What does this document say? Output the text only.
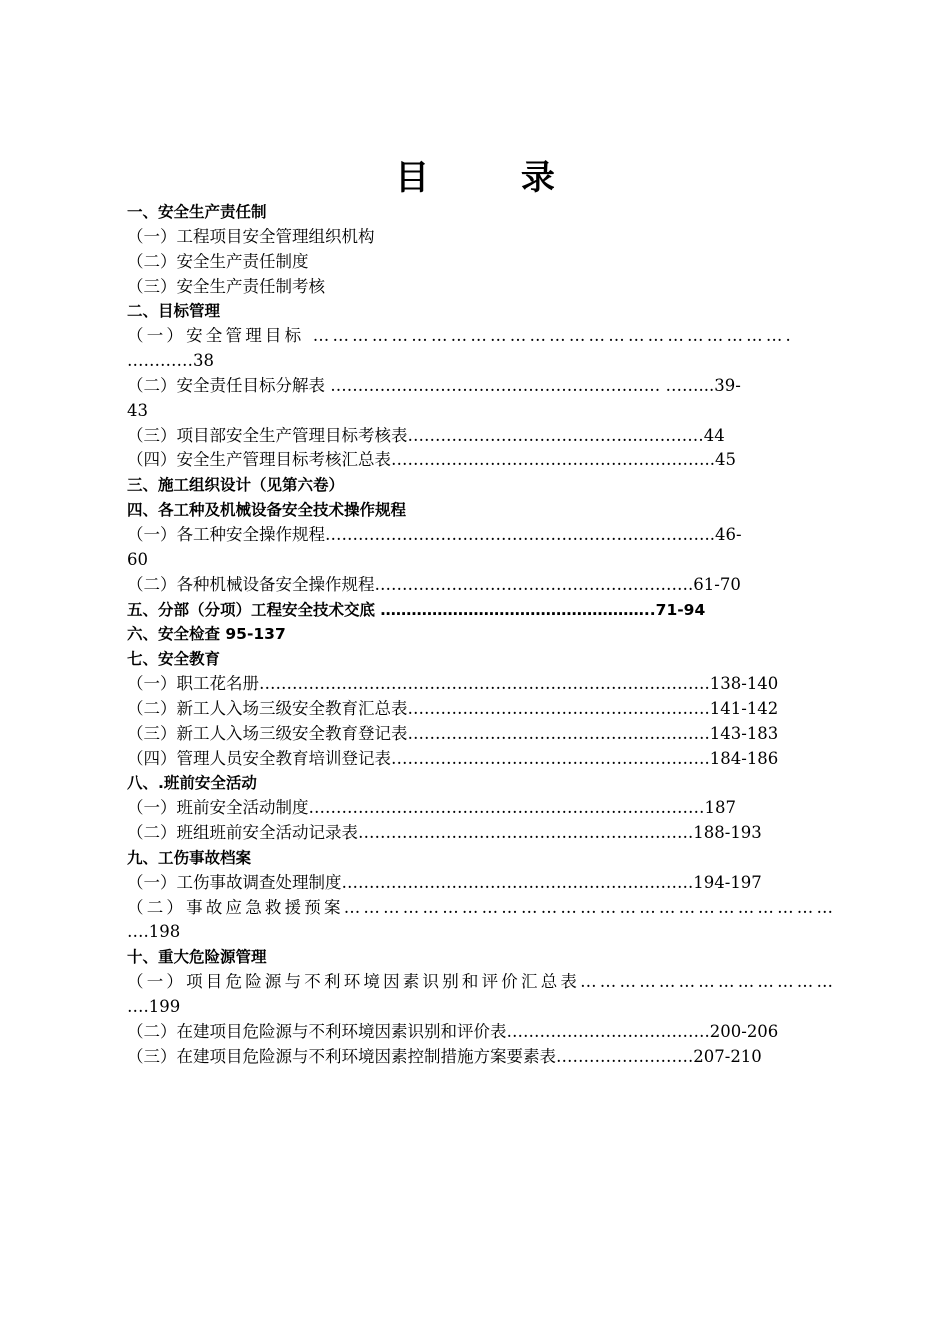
目 录
一、安全生产责任制
（一）工程项目安全管理组织机构
（二）安全生产责任制度
（三）安全生产责任制考核
二、目标管理
（一）安全管理目标 ……………………………………………………………….
…………38
（二）安全责任目标分解表 …………………………………………………… ……...39-
43
（三）项目部安全生产管理目标考核表…………………………………...…………44
（四）安全生产管理目标考核汇总表…………………………………………………..45
三、施工组织设计（见第六卷）
四、各工种及机械设备安全技术操作规程
（一）各工种安全操作规程……………………………………………………………..46-
60
（二）各种机械设备安全操作规程………………………………………………….61-70
五、分部（分项）工程安全技术交底 ……………………………………………..71-94
六、安全检查 95-137
七、安全教育
（一）职工花名册……………………………………………………………………….138-140
（二）新工人入场三级安全教育汇总表……………………………………………….141-142
（三）新工人入场三级安全教育登记表……………………………………………….143-183
（四）管理人员安全教育培训登记表………………………………………………….184-186
八、.班前安全活动
（一）班前安全活动制度………………………………………………………………187
（二）班组班前安全活动记录表…………………………………………………….188-193
九、工伤事故档案
（一）工伤事故调查处理制度……………………………………………………….194-197
（二）事故应急救援预案…………………………………………………………………
….198
十、重大危险源管理
（一）项目危险源与不利环境因素识别和评价汇总表…………………………………
….199
（二）在建项目危险源与不利环境因素识别和评价表……………………………….200-206
（三）在建项目危险源与不利环境因素控制措施方案要素表…………………….207-210
